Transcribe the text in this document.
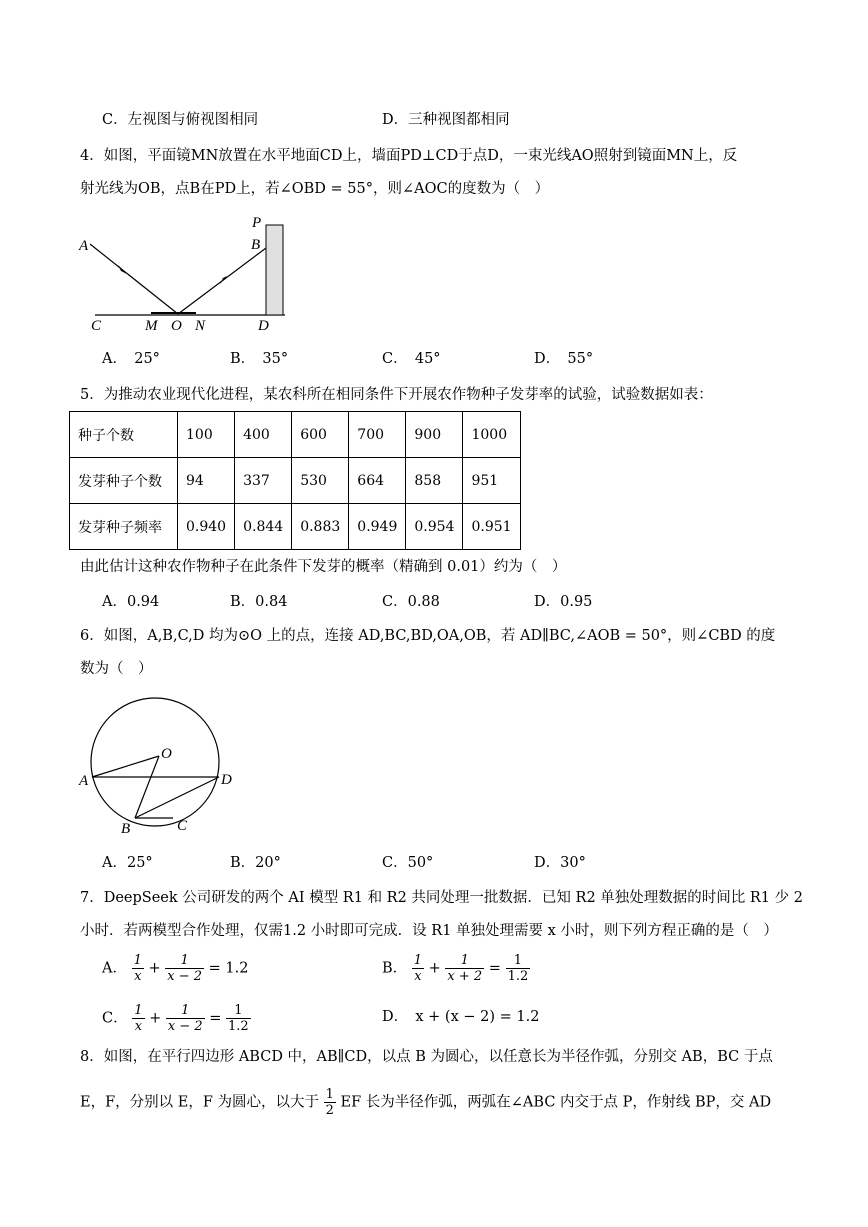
C．左视图与俯视图相同	D．三种视图都相同
4．如图，平面镜MN放置在水平地面CD上，墙面PD⊥CD于点D，一束光线AO照射到镜面MN上，反
射光线为OB，点B在PD上，若∠OBD = 55°，则∠AOC的度数为（　）
A	B
P
C	M O N	D
A．　25°	B．　35°	C．　45°	D．　55°
5．为推动农业现代化进程，某农科所在相同条件下开展农作物种子发芽率的试验，试验数据如表：
种子个数	100	400	600	700	900	1000
发芽种子个数	94	337	530	664	858	951
发芽种子频率	0.940	0.844	0.883	0.949	0.954	0.951
由此估计这种农作物种子在此条件下发芽的概率（精确到 0.01）约为（　）
A．0.94	B．0.84	C．0.88	D．0.95
6．如图，A,B,C,D 均为⊙O 上的点，连接 AD,BC,BD,OA,OB，若 AD∥BC,∠AOB = 50°，则∠CBD 的度
数为（　）
O
A	D
B	C
A．25°	B．20°	C．50°	D．30°
7．DeepSeek 公司研发的两个 AI 模型 R1 和 R2 共同处理一批数据．已知 R2 单独处理数据的时间比 R1 少 2
小时．若两模型合作处理，仅需1.2 小时即可完成．设 R1 单独处理需要 x 小时，则下列方程正确的是（　）
A． $\frac{1}{x} + \frac{1}{x - 2} = 1.2$	B． $\frac{1}{x} + \frac{1}{x + 2} = \frac{1}{1.2}$
C． $\frac{1}{x} + \frac{1}{x - 2} = \frac{1}{1.2}$	D．　x + (x − 2) = 1.2
8．如图，在平行四边形 ABCD 中，AB∥CD，以点 B 为圆心，以任意长为半径作弧，分别交 AB，BC 于点
E，F，分别以 E，F 为圆心，以大于 $\frac{1}{2}$ EF 长为半径作弧，两弧在∠ABC 内交于点 P，作射线 BP，交 AD
